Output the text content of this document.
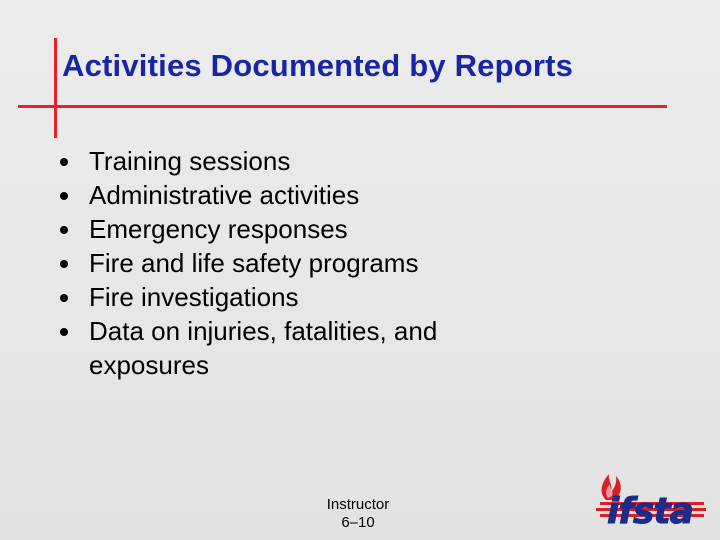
Activities Documented by Reports
Training sessions
Administrative activities
Emergency responses
Fire and life safety programs
Fire investigations
Data on injuries, fatalities, and exposures
Instructor
6–10	ifsta
